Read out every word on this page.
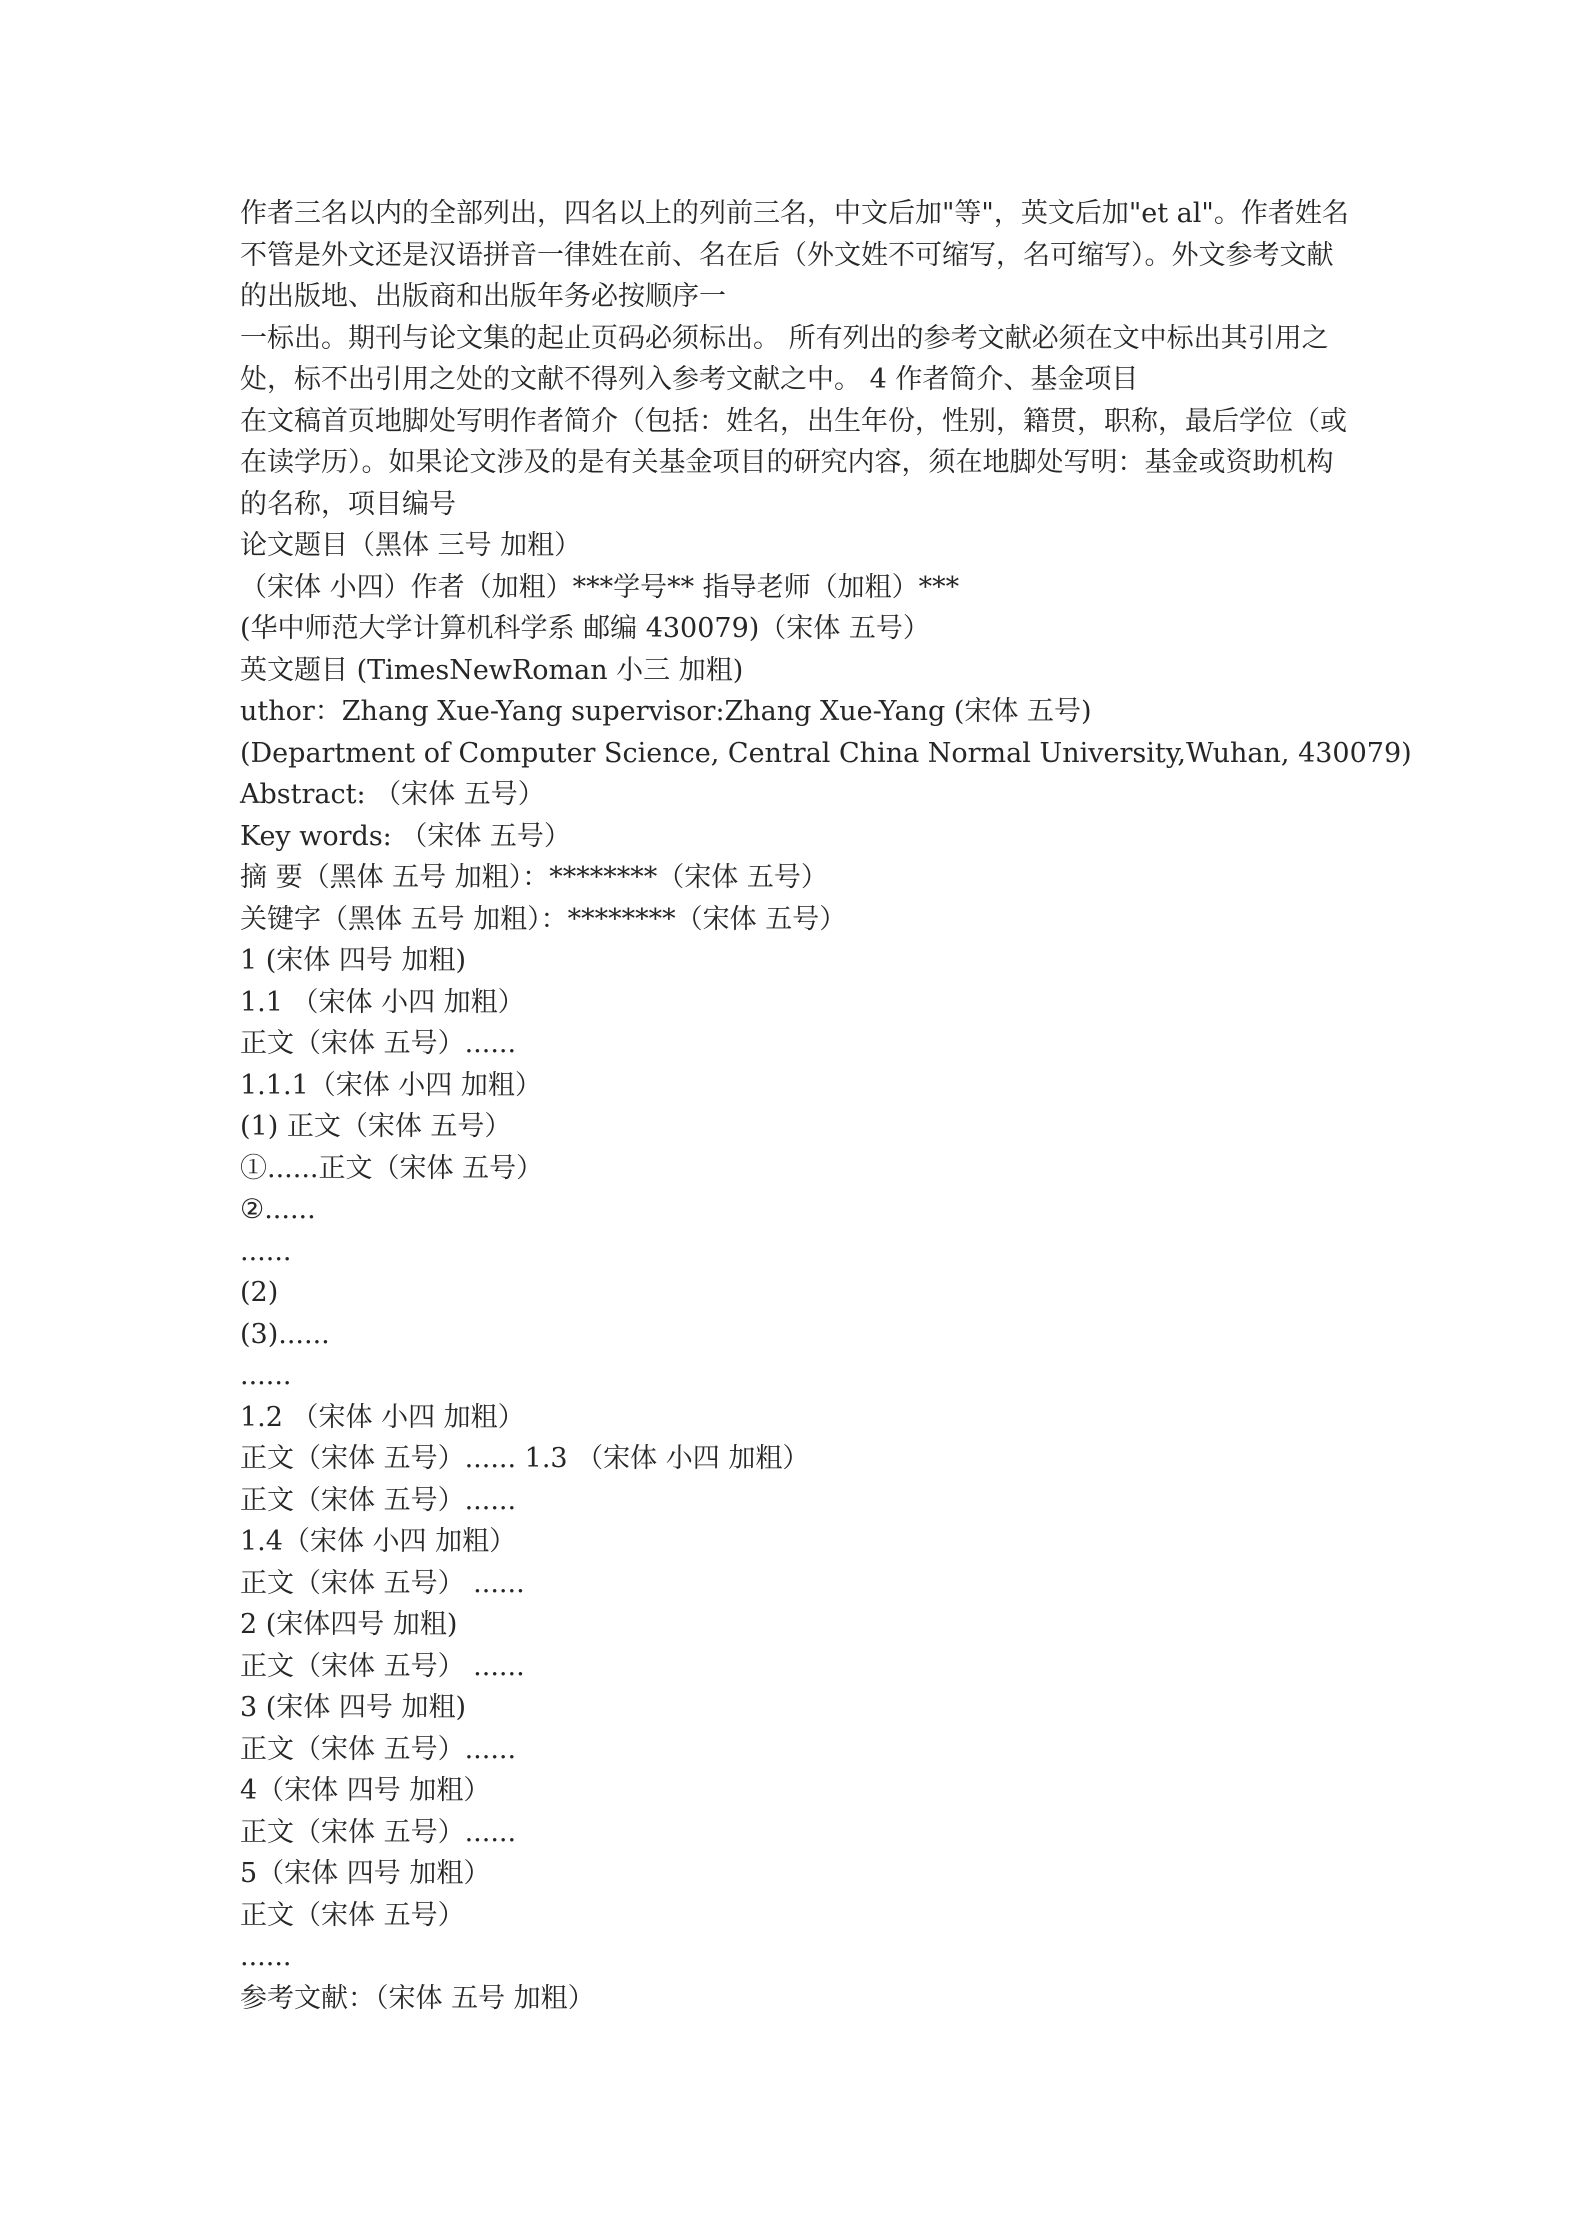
作者三名以内的全部列出，四名以上的列前三名，中文后加"等"，英文后加"et al"。作者姓名不管是外文还是汉语拼音一律姓在前、名在后（外文姓不可缩写，名可缩写）。外文参考文献的出版地、出版商和出版年务必按顺序一

一标出。期刊与论文集的起止页码必须标出。 所有列出的参考文献必须在文中标出其引用之处，标不出引用之处的文献不得列入参考文献之中。 4 作者简介、基金项目

在文稿首页地脚处写明作者简介（包括：姓名，出生年份，性别，籍贯，职称，最后学位（或在读学历）。如果论文涉及的是有关基金项目的研究内容，须在地脚处写明：基金或资助机构的名称，项目编号

论文题目（黑体 三号 加粗）
（宋体 小四）作者（加粗）***学号** 指导老师（加粗）***
(华中师范大学计算机科学系 邮编 430079)（宋体 五号）
英文题目 (TimesNewRoman 小三 加粗)
uthor：Zhang Xue-Yang supervisor:Zhang Xue-Yang (宋体 五号)
(Department of Computer Science, Central China Normal University,Wuhan, 430079)
Abstract: （宋体 五号）
Key words: （宋体 五号）
摘 要（黑体 五号 加粗）：********（宋体 五号）
关键字（黑体 五号 加粗）：********（宋体 五号）
1 (宋体 四号 加粗)
1.1 （宋体 小四 加粗）
正文（宋体 五号）......
1.1.1（宋体 小四 加粗）
(1) 正文（宋体 五号）
①......正文（宋体 五号）
②......
......
(2)
(3)......
......
1.2 （宋体 小四 加粗）
正文（宋体 五号）...... 1.3 （宋体 小四 加粗）
正文（宋体 五号）......
1.4（宋体 小四 加粗）
正文（宋体 五号） ......
2 (宋体四号 加粗)
正文（宋体 五号） ......
3 (宋体 四号 加粗)
正文（宋体 五号）......
4（宋体 四号 加粗）
正文（宋体 五号）......
5（宋体 四号 加粗）
正文（宋体 五号）
......
参考文献：（宋体 五号 加粗）
